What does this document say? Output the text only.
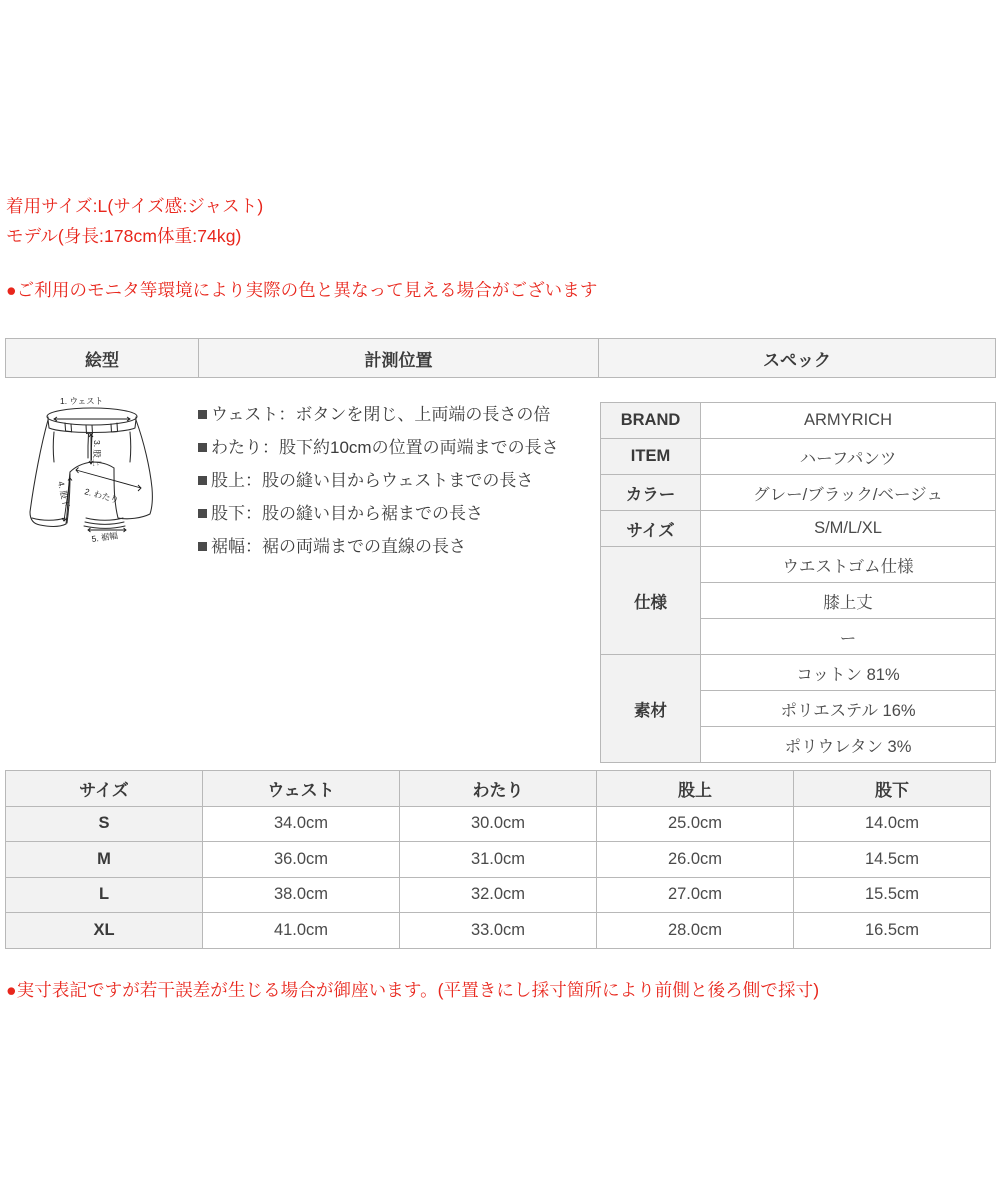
着用サイズ:L(サイズ感:ジャスト)
モデル(身長:178cm体重:74kg)
●ご利用のモニタ等環境により実際の色と異なって見える場合がございます
絵型	計測位置	スペック
1. ウェスト
2. わたり
3. 股上
4. 股下
5. 裾幅
ウェスト：ボタンを閉じ、上両端の長さの倍
わたり：股下約10cmの位置の両端までの長さ
股上：股の縫い目からウェストまでの長さ
股下：股の縫い目から裾までの長さ
裾幅：裾の両端までの直線の長さ
BRAND	ARMYRICH
ITEM	ハーフパンツ
カラー	グレー/ブラック/ベージュ
サイズ	S/M/L/XL
仕様	ウエストゴム仕様
	膝上丈
	ー
素材	コットン 81%
	ポリエステル 16%
	ポリウレタン 3%
サイズ	ウェスト	わたり	股上	股下
S	34.0cm	30.0cm	25.0cm	14.0cm
M	36.0cm	31.0cm	26.0cm	14.5cm
L	38.0cm	32.0cm	27.0cm	15.5cm
XL	41.0cm	33.0cm	28.0cm	16.5cm
●実寸表記ですが若干誤差が生じる場合が御座います。(平置きにし採寸箇所により前側と後ろ側で採寸)
